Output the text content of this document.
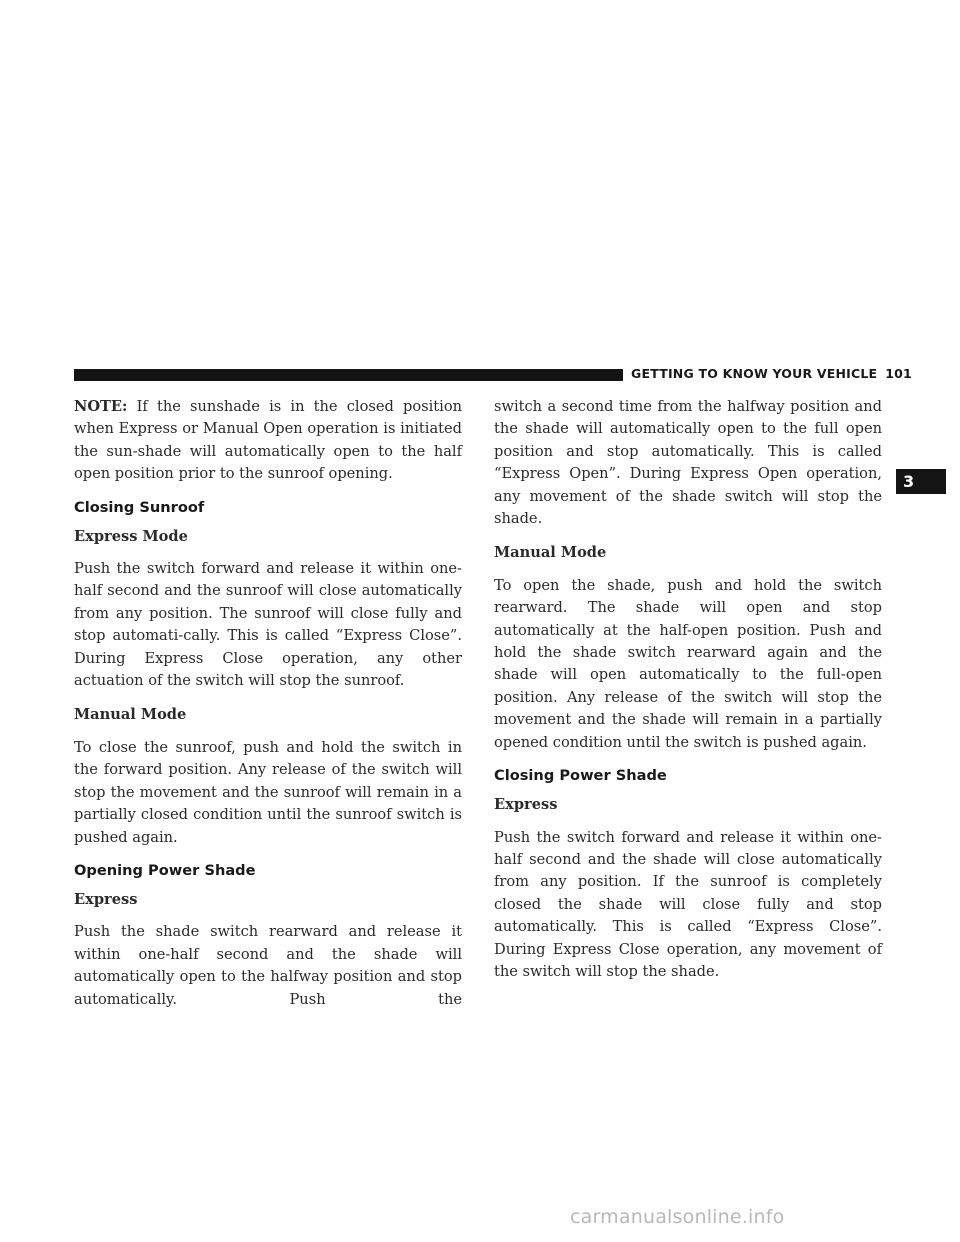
GETTING TO KNOW YOUR VEHICLE 101
3

NOTE: If the sunshade is in the closed position when Express or Manual Open operation is initiated the sun-shade will automatically open to the half open position prior to the sunroof opening.

Closing Sunroof

Express Mode

Push the switch forward and release it within one-half second and the sunroof will close automatically from any position. The sunroof will close fully and stop automati-cally. This is called “Express Close”. During Express Close operation, any other actuation of the switch will stop the sunroof.

Manual Mode

To close the sunroof, push and hold the switch in the forward position. Any release of the switch will stop the movement and the sunroof will remain in a partially closed condition until the sunroof switch is pushed again.

Opening Power Shade

Express

Push the shade switch rearward and release it within one-half second and the shade will automatically open to the halfway position and stop automatically. Push the

switch a second time from the halfway position and the shade will automatically open to the full open position and stop automatically. This is called “Express Open”. During Express Open operation, any movement of the shade switch will stop the shade.

Manual Mode

To open the shade, push and hold the switch rearward. The shade will open and stop automatically at the half-open position. Push and hold the shade switch rearward again and the shade will open automatically to the full-open position. Any release of the switch will stop the movement and the shade will remain in a partially opened condition until the switch is pushed again.

Closing Power Shade

Express

Push the switch forward and release it within one-half second and the shade will close automatically from any position. If the sunroof is completely closed the shade will close fully and stop automatically. This is called “Express Close”. During Express Close operation, any movement of the switch will stop the shade.

carmanualsonline.info
